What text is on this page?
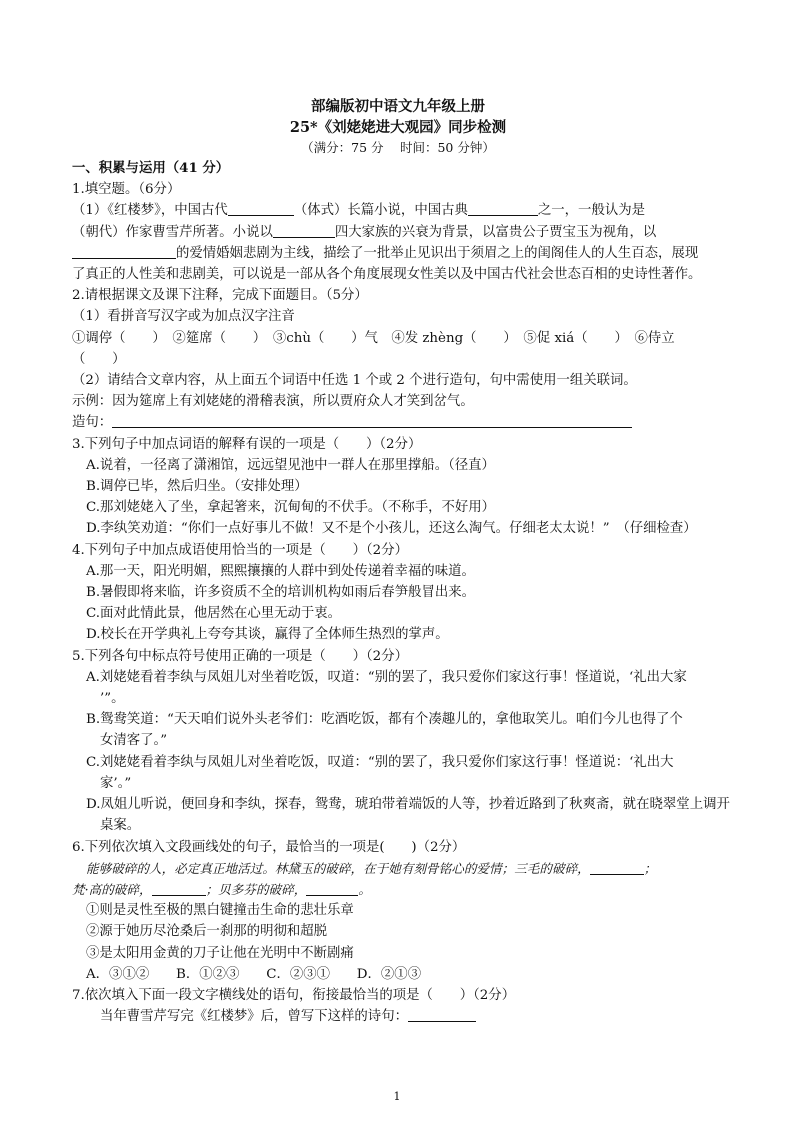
部编版初中语文九年级上册
25*《刘姥姥进大观园》同步检测
（满分：75 分　 时间：50 分钟）
一、积累与运用（41 分）
1.填空题。（6分）
（1）《红楼梦》，中国古代	（体式）长篇小说，中国古典	之一，一般认为是
（朝代）作家曹雪芹所著。小说以	四大家族的兴衰为背景，以富贵公子贾宝玉为视角，以
的爱情婚姻悲剧为主线，描绘了一批举止见识出于须眉之上的闺阁佳人的人生百态，展现
了真正的人性美和悲剧美，可以说是一部从各个角度展现女性美以及中国古代社会世态百相的史诗性著作。
2.请根据课文及课下注释，完成下面题目。（5分）
（1）看拼音写汉字或为加点汉字注音
①调停（　　）　②筵席（　　）　③chù（　　）气　④发 zhèng（　　）　⑤促 xiá（　　）　⑥侍立
（　　）
（2）请结合文章内容，从上面五个词语中任选 1 个或 2 个进行造句，句中需使用一组关联词。
示例：因为筵席上有刘姥姥的滑稽表演，所以贾府众人才笑到岔气。
造句：
3.下列句子中加点词语的解释有误的一项是（　　）（2分）
A.说着，一径离了潇湘馆，远远望见池中一群人在那里撑船。（径直）
B.调停已毕，然后归坐。（安排处理）
C.那刘姥姥入了坐，拿起箸来，沉甸甸的不伏手。（不称手，不好用）
D.李纨笑劝道：“你们一点好事儿不做！又不是个小孩儿，还这么淘气。仔细老太太说！”　（仔细检查）
4.下列句子中加点成语使用恰当的一项是（　　）（2分）
A.那一天，阳光明媚，熙熙攘攘的人群中到处传递着幸福的味道。
B.暑假即将来临，许多资质不全的培训机构如雨后春笋般冒出来。
C.面对此情此景，他居然在心里无动于衷。
D.校长在开学典礼上夸夸其谈，赢得了全体师生热烈的掌声。
5.下列各句中标点符号使用正确的一项是（　　）（2分）
A.刘姥姥看着李纨与凤姐儿对坐着吃饭，叹道：“别的罢了，我只爱你们家这行事！怪道说，‘礼出大家
’”。
B.鸳鸯笑道：“天天咱们说外头老爷们：吃酒吃饭，都有个凑趣儿的，拿他取笑儿。咱们今儿也得了个
女清客了。”
C.刘姥姥看着李纨与凤姐儿对坐着吃饭，叹道：“别的罢了，我只爱你们家这行事！怪道说：‘礼出大
家’。”
D.凤姐儿听说，便回身和李纨，探春，鸳鸯，琥珀带着端饭的人等，抄着近路到了秋爽斋，就在晓翠堂上调开
桌案。
6.下列依次填入文段画线处的句子，最恰当的一项是(　　)（2分）
能够破碎的人，必定真正地活过。林黛玉的破碎，在于她有刻骨铭心的爱情；三毛的破碎，	；
梵·高的破碎，	；贝多芬的破碎，	。
①则是灵性至极的黑白键撞击生命的悲壮乐章
②源于她历尽沧桑后一刹那的明彻和超脱
③是太阳用金黄的刀子让他在光明中不断剧痛
A．③①②　　B．①②③　　C．②③①　　D．②①③
7.依次填入下面一段文字横线处的语句，衔接最恰当的项是（　　）（2分）
当年曹雪芹写完《红楼梦》后，曾写下这样的诗句：
1
